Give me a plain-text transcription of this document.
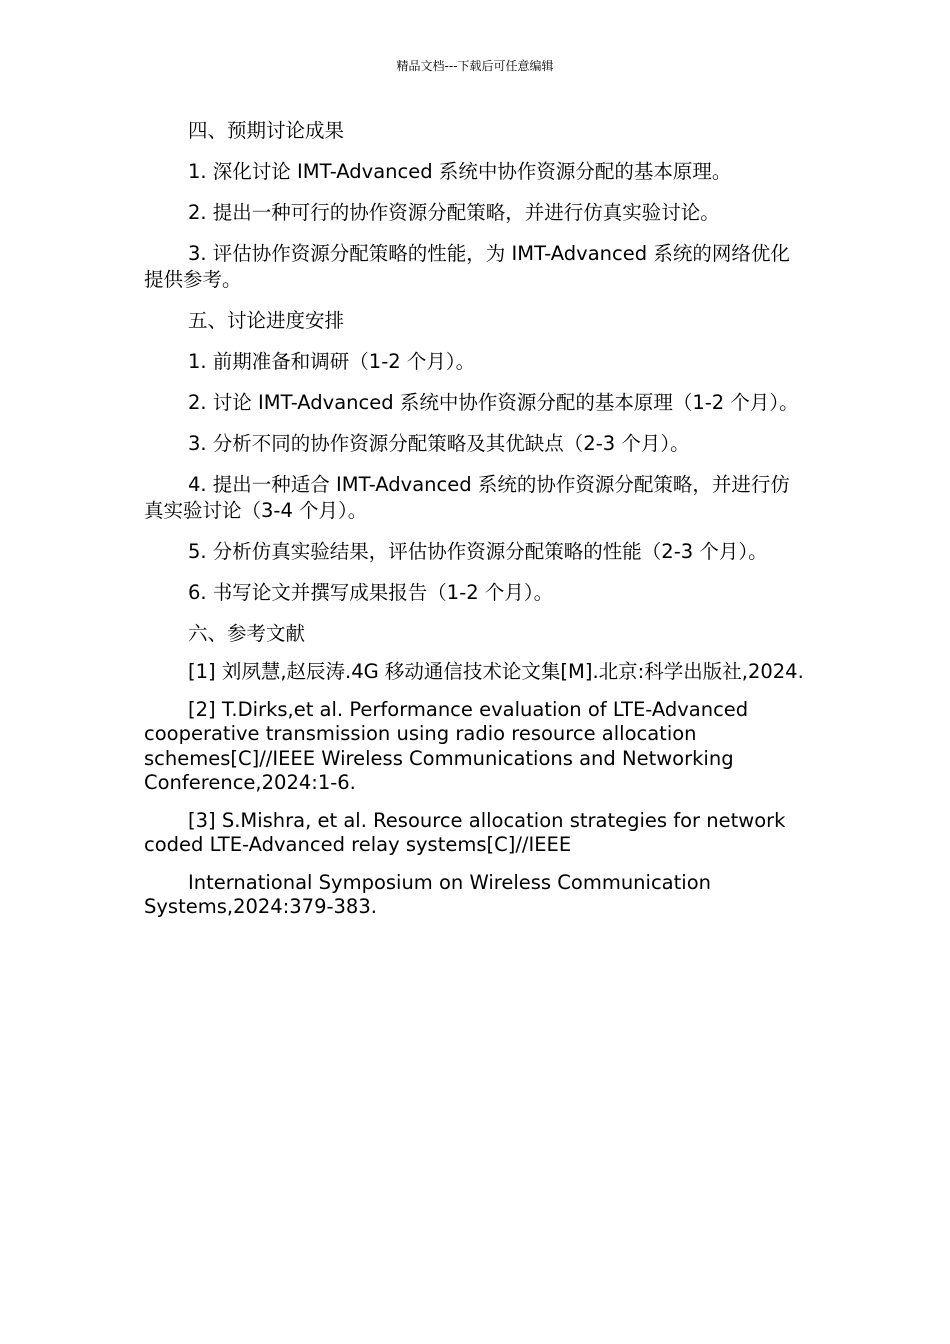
精品文档---下载后可任意编辑

四、预期讨论成果

1. 深化讨论 IMT-Advanced 系统中协作资源分配的基本原理。

2. 提出一种可行的协作资源分配策略，并进行仿真实验讨论。

3. 评估协作资源分配策略的性能，为 IMT-Advanced 系统的网络优化提供参考。

五、讨论进度安排

1. 前期准备和调研（1-2 个月）。

2. 讨论 IMT-Advanced 系统中协作资源分配的基本原理（1-2 个月）。

3. 分析不同的协作资源分配策略及其优缺点（2-3 个月）。

4. 提出一种适合 IMT-Advanced 系统的协作资源分配策略，并进行仿真实验讨论（3-4 个月）。

5. 分析仿真实验结果，评估协作资源分配策略的性能（2-3 个月）。

6. 书写论文并撰写成果报告（1-2 个月）。

六、参考文献

[1] 刘夙慧,赵辰涛.4G 移动通信技术论文集[M].北京:科学出版社,2024.

[2] T.Dirks,et al. Performance evaluation of LTE-Advanced cooperative transmission using radio resource allocation schemes[C]//IEEE Wireless Communications and Networking Conference,2024:1-6.

[3] S.Mishra, et al. Resource allocation strategies for network coded LTE-Advanced relay systems[C]//IEEE

International Symposium on Wireless Communication Systems,2024:379-383.
